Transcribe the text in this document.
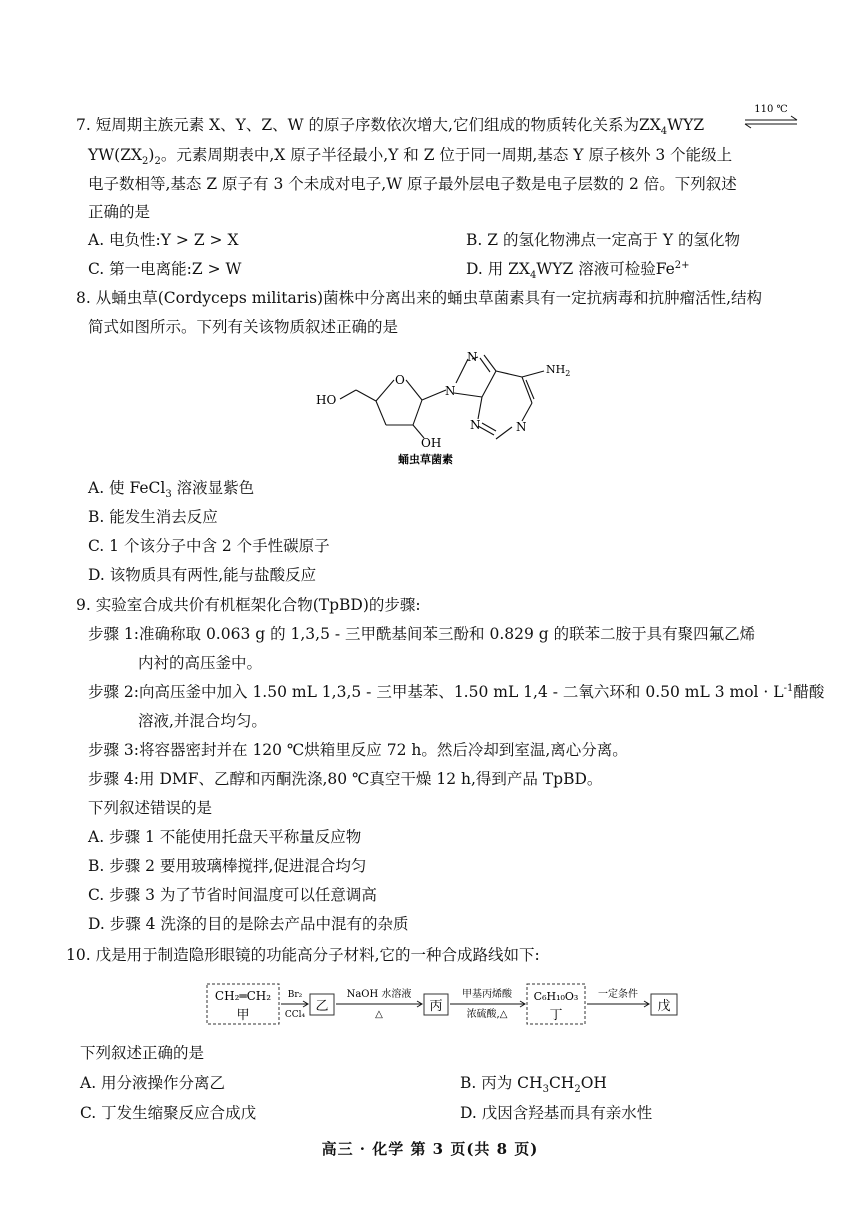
7. 短周期主族元素 X、Y、Z、W 的原子序数依次增大,它们组成的物质转化关系为$ZX_4WYZ$
110 ℃
$YW(ZX_2)_2$。元素周期表中,X 原子半径最小,Y 和 Z 位于同一周期,基态 Y 原子核外 3 个能级上
电子数相等,基态 Z 原子有 3 个未成对电子,W 原子最外层电子数是电子层数的 2 倍。下列叙述
正确的是
A. 电负性:Y > Z > X	B. Z 的氢化物沸点一定高于 Y 的氢化物
C. 第一电离能:Z > W	D. 用 $ZX_4WYZ$ 溶液可检验$Fe^{2+}$
8. 从蛹虫草(Cordyceps militaris)菌株中分离出来的蛹虫草菌素具有一定抗病毒和抗肿瘤活性,结构
简式如图所示。下列有关该物质叙述正确的是
HO
O
OH
N
N
$NH_2$
N	N
蛹虫草菌素
A. 使 FeCl$_3$ 溶液显紫色
B. 能发生消去反应
C. 1 个该分子中含 2 个手性碳原子
D. 该物质具有两性,能与盐酸反应
9. 实验室合成共价有机框架化合物(TpBD)的步骤:
步骤 1:准确称取 0.063 g 的 1,3,5 - 三甲酰基间苯三酚和 0.829 g 的联苯二胺于具有聚四氟乙烯
内衬的高压釜中。
步骤 2:向高压釜中加入 1.50 mL 1,3,5 - 三甲基苯、1.50 mL 1,4 - 二氧六环和 0.50 mL 3 mol · $L^{-1}$醋酸
溶液,并混合均匀。
步骤 3:将容器密封并在 120 ℃烘箱里反应 72 h。然后冷却到室温,离心分离。
步骤 4:用 DMF、乙醇和丙酮洗涤,80 ℃真空干燥 12 h,得到产品 TpBD。
下列叙述错误的是
A. 步骤 1 不能使用托盘天平称量反应物
B. 步骤 2 要用玻璃棒搅拌,促进混合均匀
C. 步骤 3 为了节省时间温度可以任意调高
D. 步骤 4 洗涤的目的是除去产品中混有的杂质
10. 戊是用于制造隐形眼镜的功能高分子材料,它的一种合成路线如下:
CH₂═CH₂
甲
Br₂
CCl₄
乙
NaOH 水溶液
△
丙
甲基丙烯酸
浓硫酸,△
C₆H₁₀O₃
丁
一定条件
戊
下列叙述正确的是
A. 用分液操作分离乙	B. 丙为 $CH_3CH_2OH$
C. 丁发生缩聚反应合成戊	D. 戊因含羟基而具有亲水性
高三 · 化学 第 3 页(共 8 页)
